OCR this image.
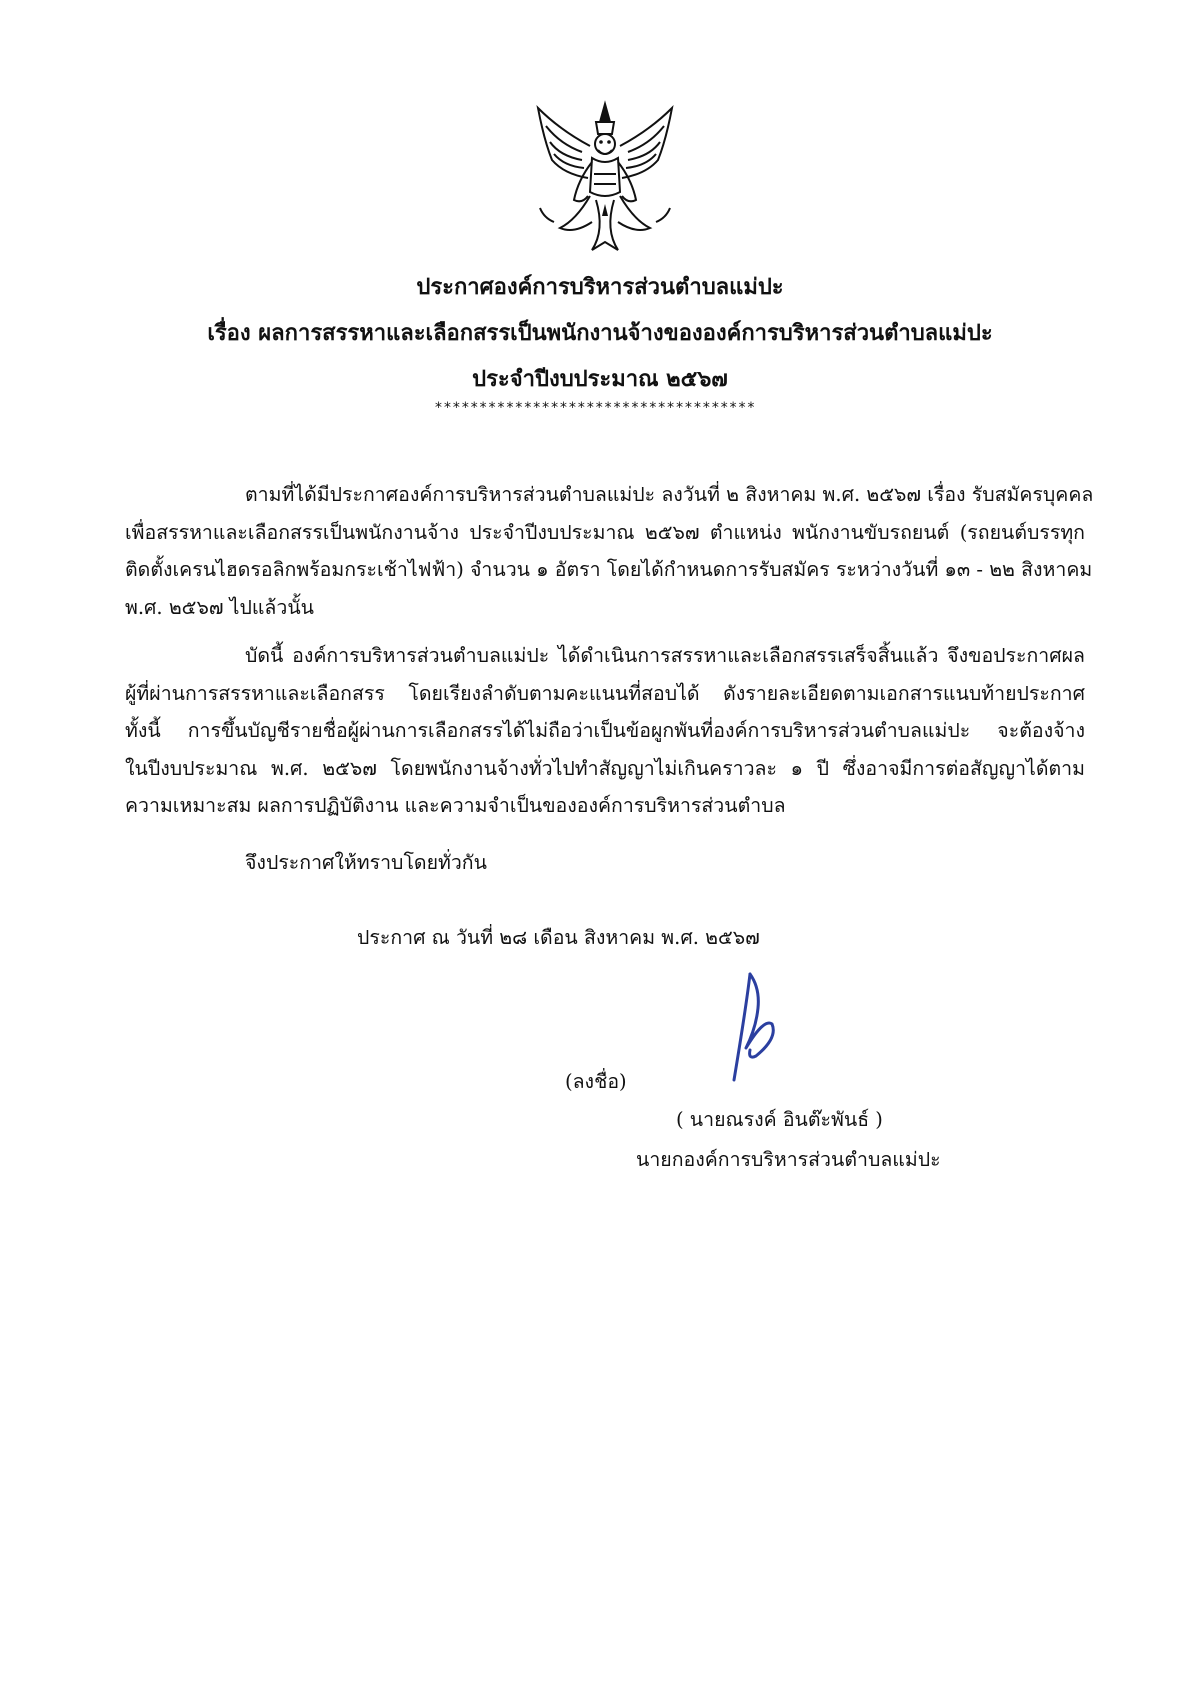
ประกาศองค์การบริหารส่วนตำบลแม่ปะ
เรื่อง ผลการสรรหาและเลือกสรรเป็นพนักงานจ้างขององค์การบริหารส่วนตำบลแม่ปะ
ประจำปีงบประมาณ ๒๕๖๗
************************************
ตามที่ได้มีประกาศองค์การบริหารส่วนตำบลแม่ปะ ลงวันที่ ๒ สิงหาคม พ.ศ. ๒๕๖๗ เรื่อง รับสมัครบุคคล
เพื่อสรรหาและเลือกสรรเป็นพนักงานจ้าง ประจำปีงบประมาณ ๒๕๖๗ ตำแหน่ง พนักงานขับรถยนต์ (รถยนต์บรรทุก
ติดตั้งเครนไฮดรอลิกพร้อมกระเช้าไฟฟ้า) จำนวน ๑ อัตรา โดยได้กำหนดการรับสมัคร ระหว่างวันที่ ๑๓ - ๒๒ สิงหาคม
พ.ศ. ๒๕๖๗ ไปแล้วนั้น
บัดนี้ องค์การบริหารส่วนตำบลแม่ปะ ได้ดำเนินการสรรหาและเลือกสรรเสร็จสิ้นแล้ว จึงขอประกาศผล
ผู้ที่ผ่านการสรรหาและเลือกสรร โดยเรียงลำดับตามคะแนนที่สอบได้ ดังรายละเอียดตามเอกสารแนบท้ายประกาศ
ทั้งนี้ การขึ้นบัญชีรายชื่อผู้ผ่านการเลือกสรรได้ไม่ถือว่าเป็นข้อผูกพันที่องค์การบริหารส่วนตำบลแม่ปะ จะต้องจ้าง
ในปีงบประมาณ พ.ศ. ๒๕๖๗ โดยพนักงานจ้างทั่วไปทำสัญญาไม่เกินคราวละ ๑ ปี ซึ่งอาจมีการต่อสัญญาได้ตาม
ความเหมาะสม ผลการปฏิบัติงาน และความจำเป็นขององค์การบริหารส่วนตำบล
จึงประกาศให้ทราบโดยทั่วกัน
ประกาศ ณ วันที่ ๒๘ เดือน สิงหาคม พ.ศ. ๒๕๖๗
(ลงชื่อ)
( นายณรงค์ อินต๊ะพันธ์ )
นายกองค์การบริหารส่วนตำบลแม่ปะ
